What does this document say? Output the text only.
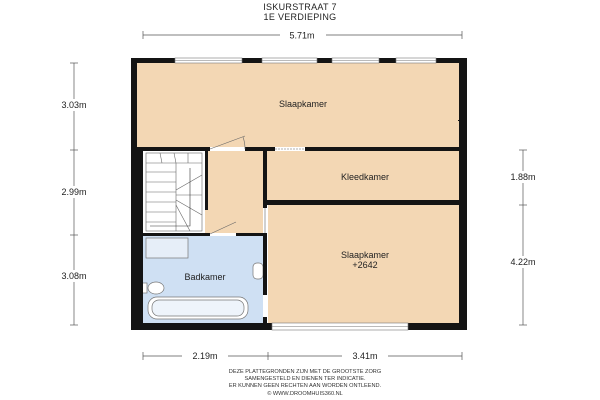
ISKURSTRAAT 7
1E VERDIEPING
5.71m
3.03m
2.99m
3.08m
1.88m
4.22m
2.19m	3.41m
Slaapkamer
Kleedkamer
Slaapkamer
+2642
Badkamer
DEZE PLATTEGRONDEN ZIJN MET DE GROOTSTE ZORG
SAMENGESTELD EN DIENEN TER INDICATIE.
ER KUNNEN GEEN RECHTEN AAN WORDEN ONTLEEND.
© WWW.DROOMHUIS360.NL
